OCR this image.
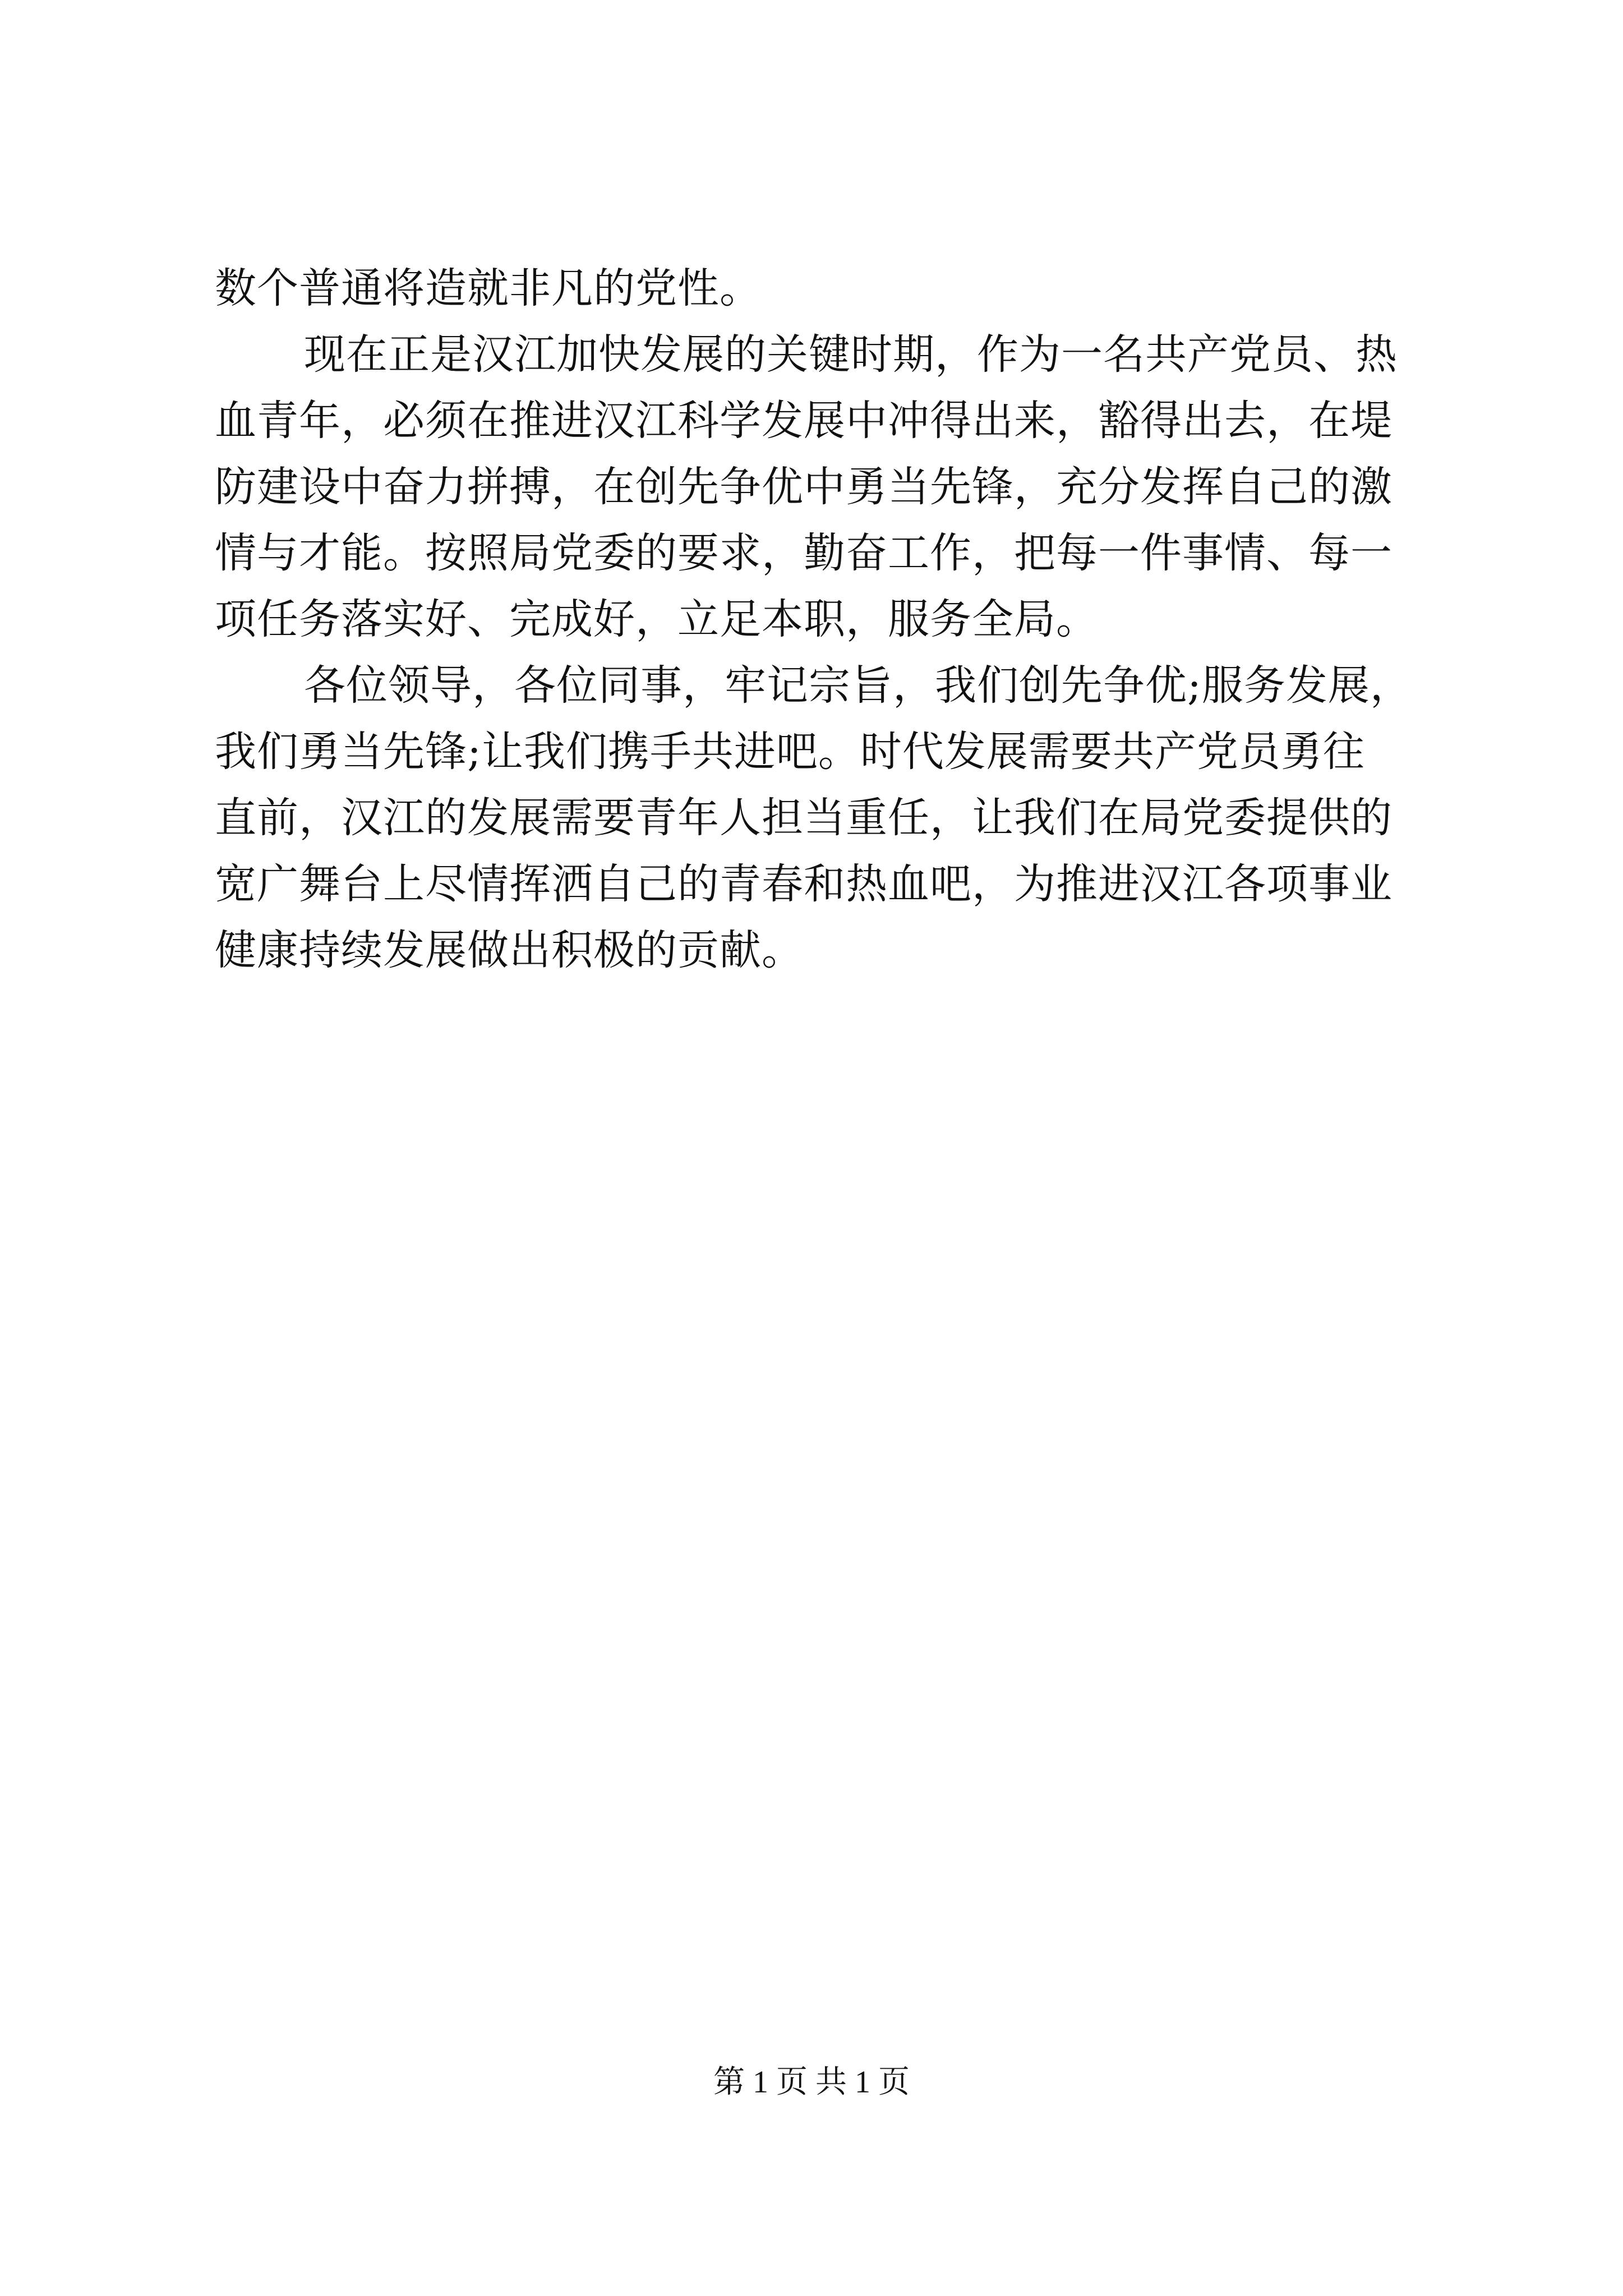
数个普通将造就非凡的党性。
现在正是汉江加快发展的关键时期，作为一名共产党员、热
血青年，必须在推进汉江科学发展中冲得出来，豁得出去，在堤
防建设中奋力拼搏，在创先争优中勇当先锋，充分发挥自己的激
情与才能。按照局党委的要求，勤奋工作，把每一件事情、每一
项任务落实好、完成好，立足本职，服务全局。
各位领导，各位同事，牢记宗旨，我们创先争优;服务发展，
我们勇当先锋;让我们携手共进吧。时代发展需要共产党员勇往
直前，汉江的发展需要青年人担当重任，让我们在局党委提供的
宽广舞台上尽情挥洒自己的青春和热血吧，为推进汉江各项事业
健康持续发展做出积极的贡献。
第 1 页 共 1 页
